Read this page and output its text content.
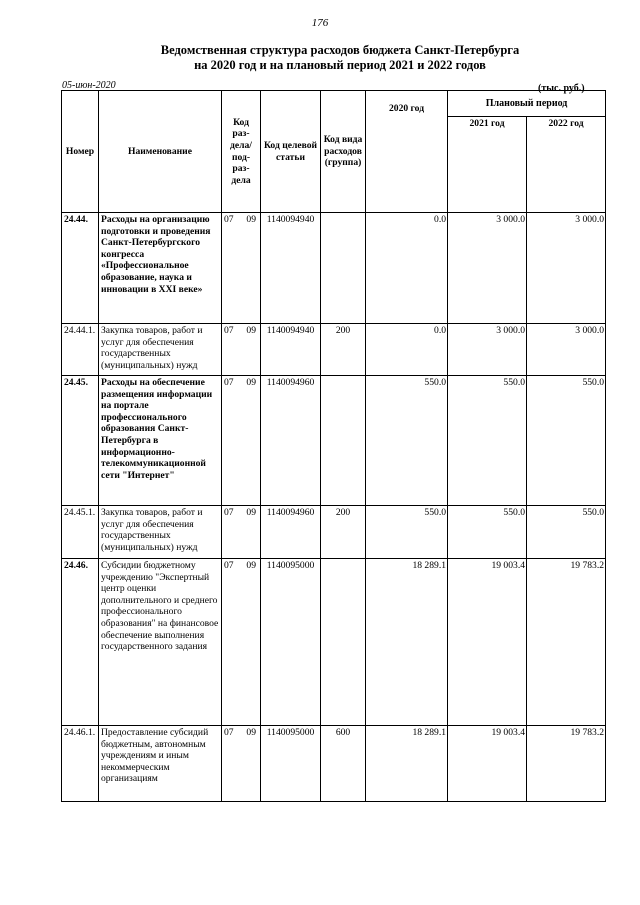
176
Ведомственная структура расходов бюджета Санкт-Петербурга
на 2020 год и на плановый период 2021 и 2022 годов
05-июн-2020	(тыс. руб.)
Номер	Наименование	Код раз-дела/ под-раз-дела		Код целевой статьи	Код вида расходов (группа)	2020 год	Плановый период	
							2021 год	2022 год
24.44.	Расходы на организацию подготовки и проведения Санкт-Петербургского конгресса «Профессиональное образование, наука и инновации в XXI веке»	07	09	1140094940		0.0	3 000.0	3 000.0
24.44.1.	Закупка товаров, работ и услуг для обеспечения государственных (муниципальных) нужд	07	09	1140094940	200	0.0	3 000.0	3 000.0
24.45.	Расходы на обеспечение размещения информации на портале профессионального образования Санкт-Петербурга в информационно-телекоммуникационной сети "Интернет"	07	09	1140094960		550.0	550.0	550.0
24.45.1.	Закупка товаров, работ и услуг для обеспечения государственных (муниципальных) нужд	07	09	1140094960	200	550.0	550.0	550.0
24.46.	Субсидии бюджетному учреждению "Экспертный центр оценки дополнительного и среднего профессионального образования" на финансовое обеспечение выполнения государственного задания	07	09	1140095000		18 289.1	19 003.4	19 783.2
24.46.1.	Предоставление субсидий бюджетным, автономным учреждениям и иным некоммерческим организациям	07	09	1140095000	600	18 289.1	19 003.4	19 783.2
